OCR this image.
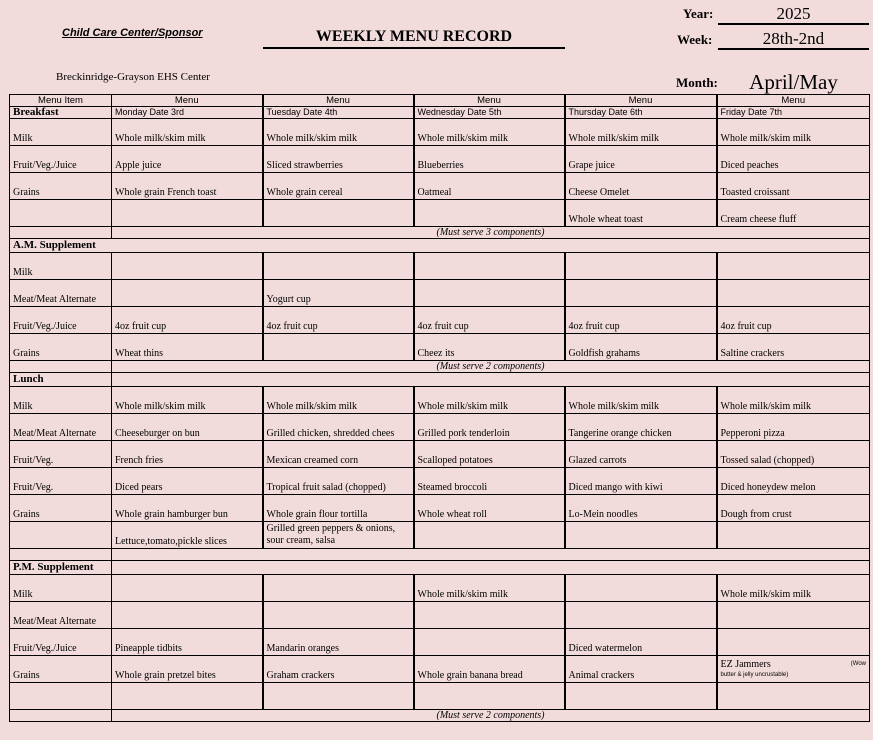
Child Care Center/Sponsor	WEEKLY MENU RECORD
Breckinridge-Grayson EHS Center
Year:	2025
Week:	28th-2nd
Month:	April/May
Menu Item	Menu	Menu	Menu	Menu	Menu
Breakfast	Monday Date 3rd	Tuesday Date 4th	Wednesday Date 5th	Thursday Date 6th	Friday Date 7th
Milk	Whole milk/skim milk	Whole milk/skim milk	Whole milk/skim milk	Whole milk/skim milk	Whole milk/skim milk
Fruit/Veg./Juice	Apple juice	Sliced strawberries	Blueberries	Grape juice	Diced peaches
Grains	Whole grain French toast	Whole grain cereal	Oatmeal	Cheese Omelet	Toasted croissant
				Whole wheat toast	Cream cheese fluff
	(Must serve 3 components)				
A.M. Supplement					
Milk					
Meat/Meat Alternate		Yogurt cup			
Fruit/Veg./Juice	4oz fruit cup	4oz fruit cup	4oz fruit cup	4oz fruit cup	4oz fruit cup
Grains	Wheat thins		Cheez its	Goldfish grahams	Saltine crackers
	(Must serve 2 components)				
Lunch					
Milk	Whole milk/skim milk	Whole milk/skim milk	Whole milk/skim milk	Whole milk/skim milk	Whole milk/skim milk
Meat/Meat Alternate	Cheeseburger on bun	Grilled chicken, shredded chees	Grilled pork tenderloin	Tangerine orange chicken	Pepperoni pizza
Fruit/Veg.	French fries	Mexican creamed corn	Scalloped potatoes	Glazed carrots	Tossed salad (chopped)
Fruit/Veg.	Diced pears	Tropical fruit salad (chopped)	Steamed broccoli	Diced mango with kiwi	Diced honeydew melon
Grains	Whole grain hamburger bun	Whole grain flour tortilla	Whole wheat roll	Lo-Mein noodles	Dough from crust
	Lettuce,tomato,pickle slices	Grilled green peppers & onions, sour cream, salsa			

P.M. Supplement					
Milk			Whole milk/skim milk		Whole milk/skim milk
Meat/Meat Alternate					
Fruit/Veg./Juice	Pineapple tidbits	Mandarin oranges		Diced watermelon	
Grains	Whole grain pretzel bites	Graham crackers	Whole grain banana bread	Animal crackers	EZ Jammers (Wow
butter & jelly uncrustable)

	(Must serve 2 components)				
